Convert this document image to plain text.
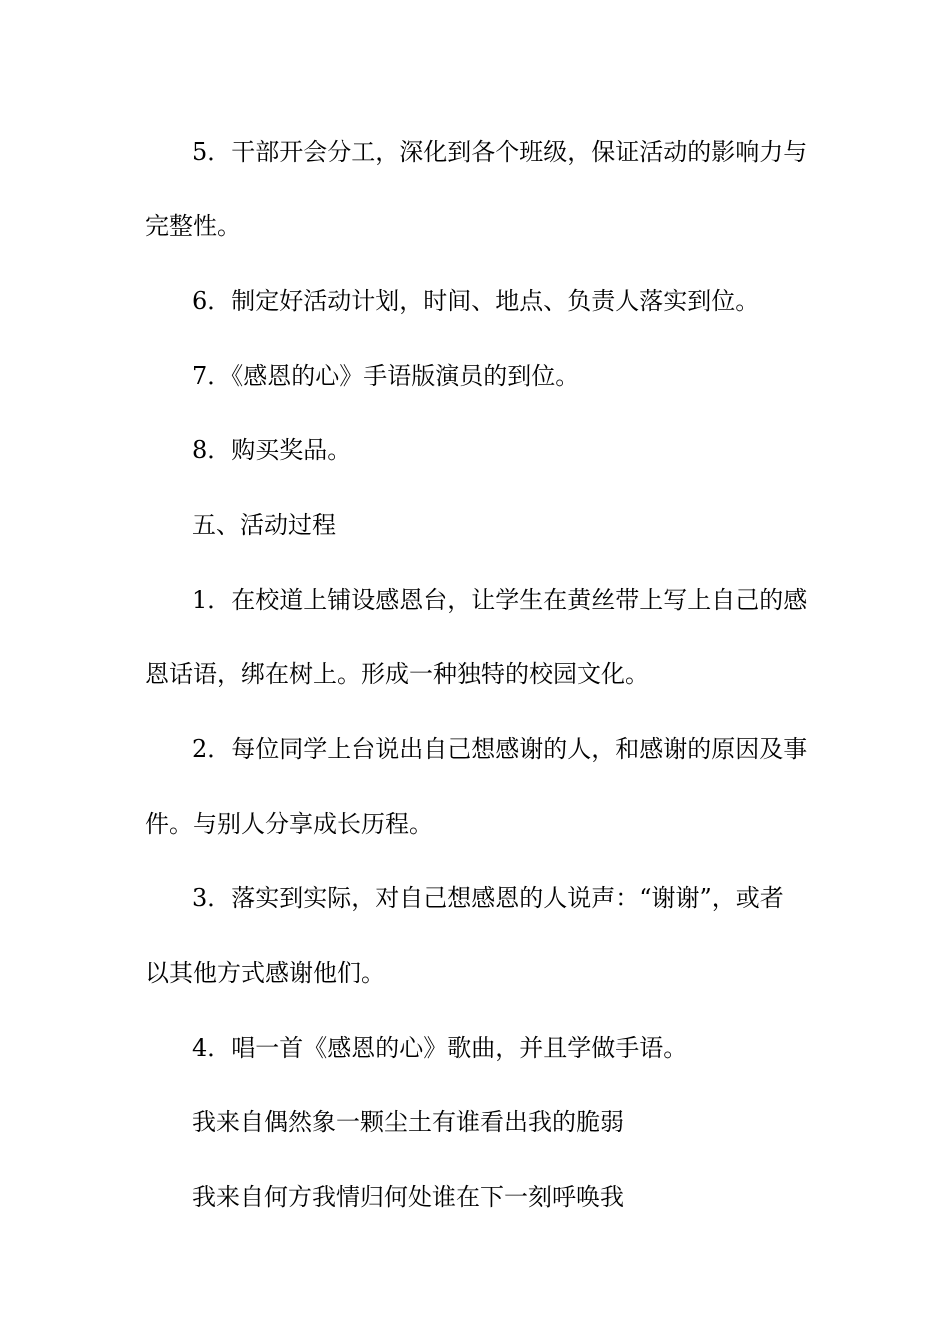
5．干部开会分工，深化到各个班级，保证活动的影响力与
完整性。
6．制定好活动计划，时间、地点、负责人落实到位。
7．《感恩的心》手语版演员的到位。
8．购买奖品。
五、活动过程
1．在校道上铺设感恩台，让学生在黄丝带上写上自己的感
恩话语，绑在树上。形成一种独特的校园文化。
2．每位同学上台说出自己想感谢的人，和感谢的原因及事
件。与别人分享成长历程。
3．落实到实际，对自己想感恩的人说声：“谢谢”，或者
以其他方式感谢他们。
4．唱一首《感恩的心》歌曲，并且学做手语。
我来自偶然象一颗尘土有谁看出我的脆弱
我来自何方我情归何处谁在下一刻呼唤我
